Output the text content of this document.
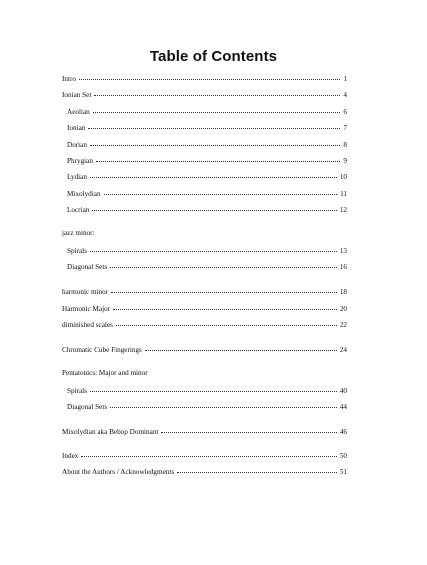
Table of Contents
Intro	1
Ionian Set	4
Aeolian	6
Ionian	7
Dorian	8
Phrygian	9
Lydian	10
Mixolydian	11
Locrian	12
jazz minor:
Spirals	13
Diagonal Sets	16
harmonic minor	18
Harmonic Major	20
diminished scales	22
Chromatic Cube Fingerings	24
Pentatonics: Major and minor
Spirals	40
Diagonal Sets	44
Mixolydian aka Bebop Dominant	46
Index	50
About the Authors / Acknowledgments	51
